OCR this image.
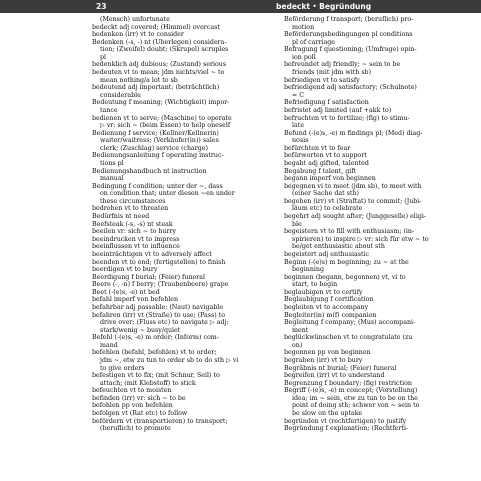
23	bedeckt • Begründung
(Mensch) unfortunate
bedeckt adj covered; (Himmel) overcast
bedenken (irr) vt to consider
Bedenken (-s, -) nt (Überlegen) considera-
tion; (Zweifel) doubt; (Skrupel) scruples
pl
bedenklich adj dubious; (Zustand) serious
bedeuten vt to mean; jdm nichts/viel ~ to
mean nothing/a lot to sb
bedeutend adj important; (beträchtlich)
considerable
Bedeutung f meaning; (Wichtigkeit) impor-
tance
bedienen vt to serve; (Maschine) to operate
▷ vr: sich ~ (beim Essen) to help oneself
Bedienung f service; (Kellner/Kellnerin)
waiter/waitress; (Verkäufer(in)) sales
clerk; (Zuschlag) service (charge)
Bedienungsanleitung f operating instruc-
tions pl
Bedienungshandbuch nt instruction
manual
Bedingung f condition; unter der ~, dass
on condition that; unter diesen ~en under
these circumstances
bedrohen vt to threaten
Bedürfnis nt need
Beefsteak (-s, -s) nt steak
beeilen vr: sich ~ to hurry
beeindrucken vt to impress
beeinflussen vt to influence
beeinträchtigen vt to adversely affect
beenden vt to end; (fertigstellen) to finish
beerdigen vt to bury
Beerdigung f burial; (Feier) funeral
Beere (-, -n) f berry; (Traubenbeere) grape
Beet (-(e)s, -e) nt bed
befahl imperf von befehlen
befahrbar adj passable; (Naut) navigable
befahren (irr) vt (Straße) to use; (Pass) to
drive over; (Fluss etc) to navigate ▷ adj:
stark/wenig ~ busy/quiet
Befehl (-(e)s, -e) m order; (Inform) com-
mand
befehlen (befahl, befohlen) vt to order;
jdm ~, etw zu tun to order sb to do sth ▷ vi
to give orders
befestigen vt to fix; (mit Schnur, Seil) to
attach; (mit Klebstoff) to stick
befeuchten vt to moisten
befinden (irr) vr: sich ~ to be
befohlen pp von befehlen
befolgen vt (Rat etc) to follow
befördern vt (transportieren) to transport;
(beruflich) to promote
Beförderung f transport; (beruflich) pro-
motion
Beförderungsbedingungen pl conditions
pl of carriage
Befragung f questioning; (Umfrage) opin-
ion poll
befreundet adj friendly; ~ sein to be
friends (mit jdm with sb)
befriedigen vt to satisfy
befriedigend adj satisfactory; (Schulnote)
≈ C
Befriedigung f satisfaction
befristet adj limited (auf +akk to)
befruchten vt to fertilize; (fig) to stimu-
late
Befund (-(e)s, -e) m findings pl; (Med) diag-
nosis
befürchten vt to fear
befürworten vt to support
begabt adj gifted, talented
Begabung f talent, gift
begann imperf von beginnen
begegnen vi to meet (jdm sb), to meet with
(einer Sache dat sth)
begehen (irr) vt (Straftat) to commit; (Jubi-
läum etc) to celebrate
begehrt adj sought after; (Junggeselle) eligi-
ble
begeistern vt to fill with enthusiasm; (in-
spirieren) to inspire ▷ vr: sich für etw ~ to
be/get enthusiastic about sth
begeistert adj enthusiastic
Beginn (-(e)s) m beginning; zu ~ at the
beginning
beginnen (begann, begonnen) vt, vi to
start, to begin
beglaubigen vt to certify
Beglaubigung f certification
begleiten vt to accompany
Begleiter(in) m(f) companion
Begleitung f company; (Mus) accompani-
ment
beglückwünschen vt to congratulate (zu
on)
begonnen pp von beginnen
begraben (irr) vt to bury
Begräbnis nt burial; (Feier) funeral
begreifen (irr) vt to understand
Begrenzung f boundary; (fig) restriction
Begriff (-(e)s, -e) m concept; (Vorstellung)
idea; im ~ sein, etw zu tun to be on the
point of doing sth; schwer von ~ sein to
be slow on the uptake
begründen vt (rechtfertigen) to justify
Begründung f explanation; (Rechtferti-
